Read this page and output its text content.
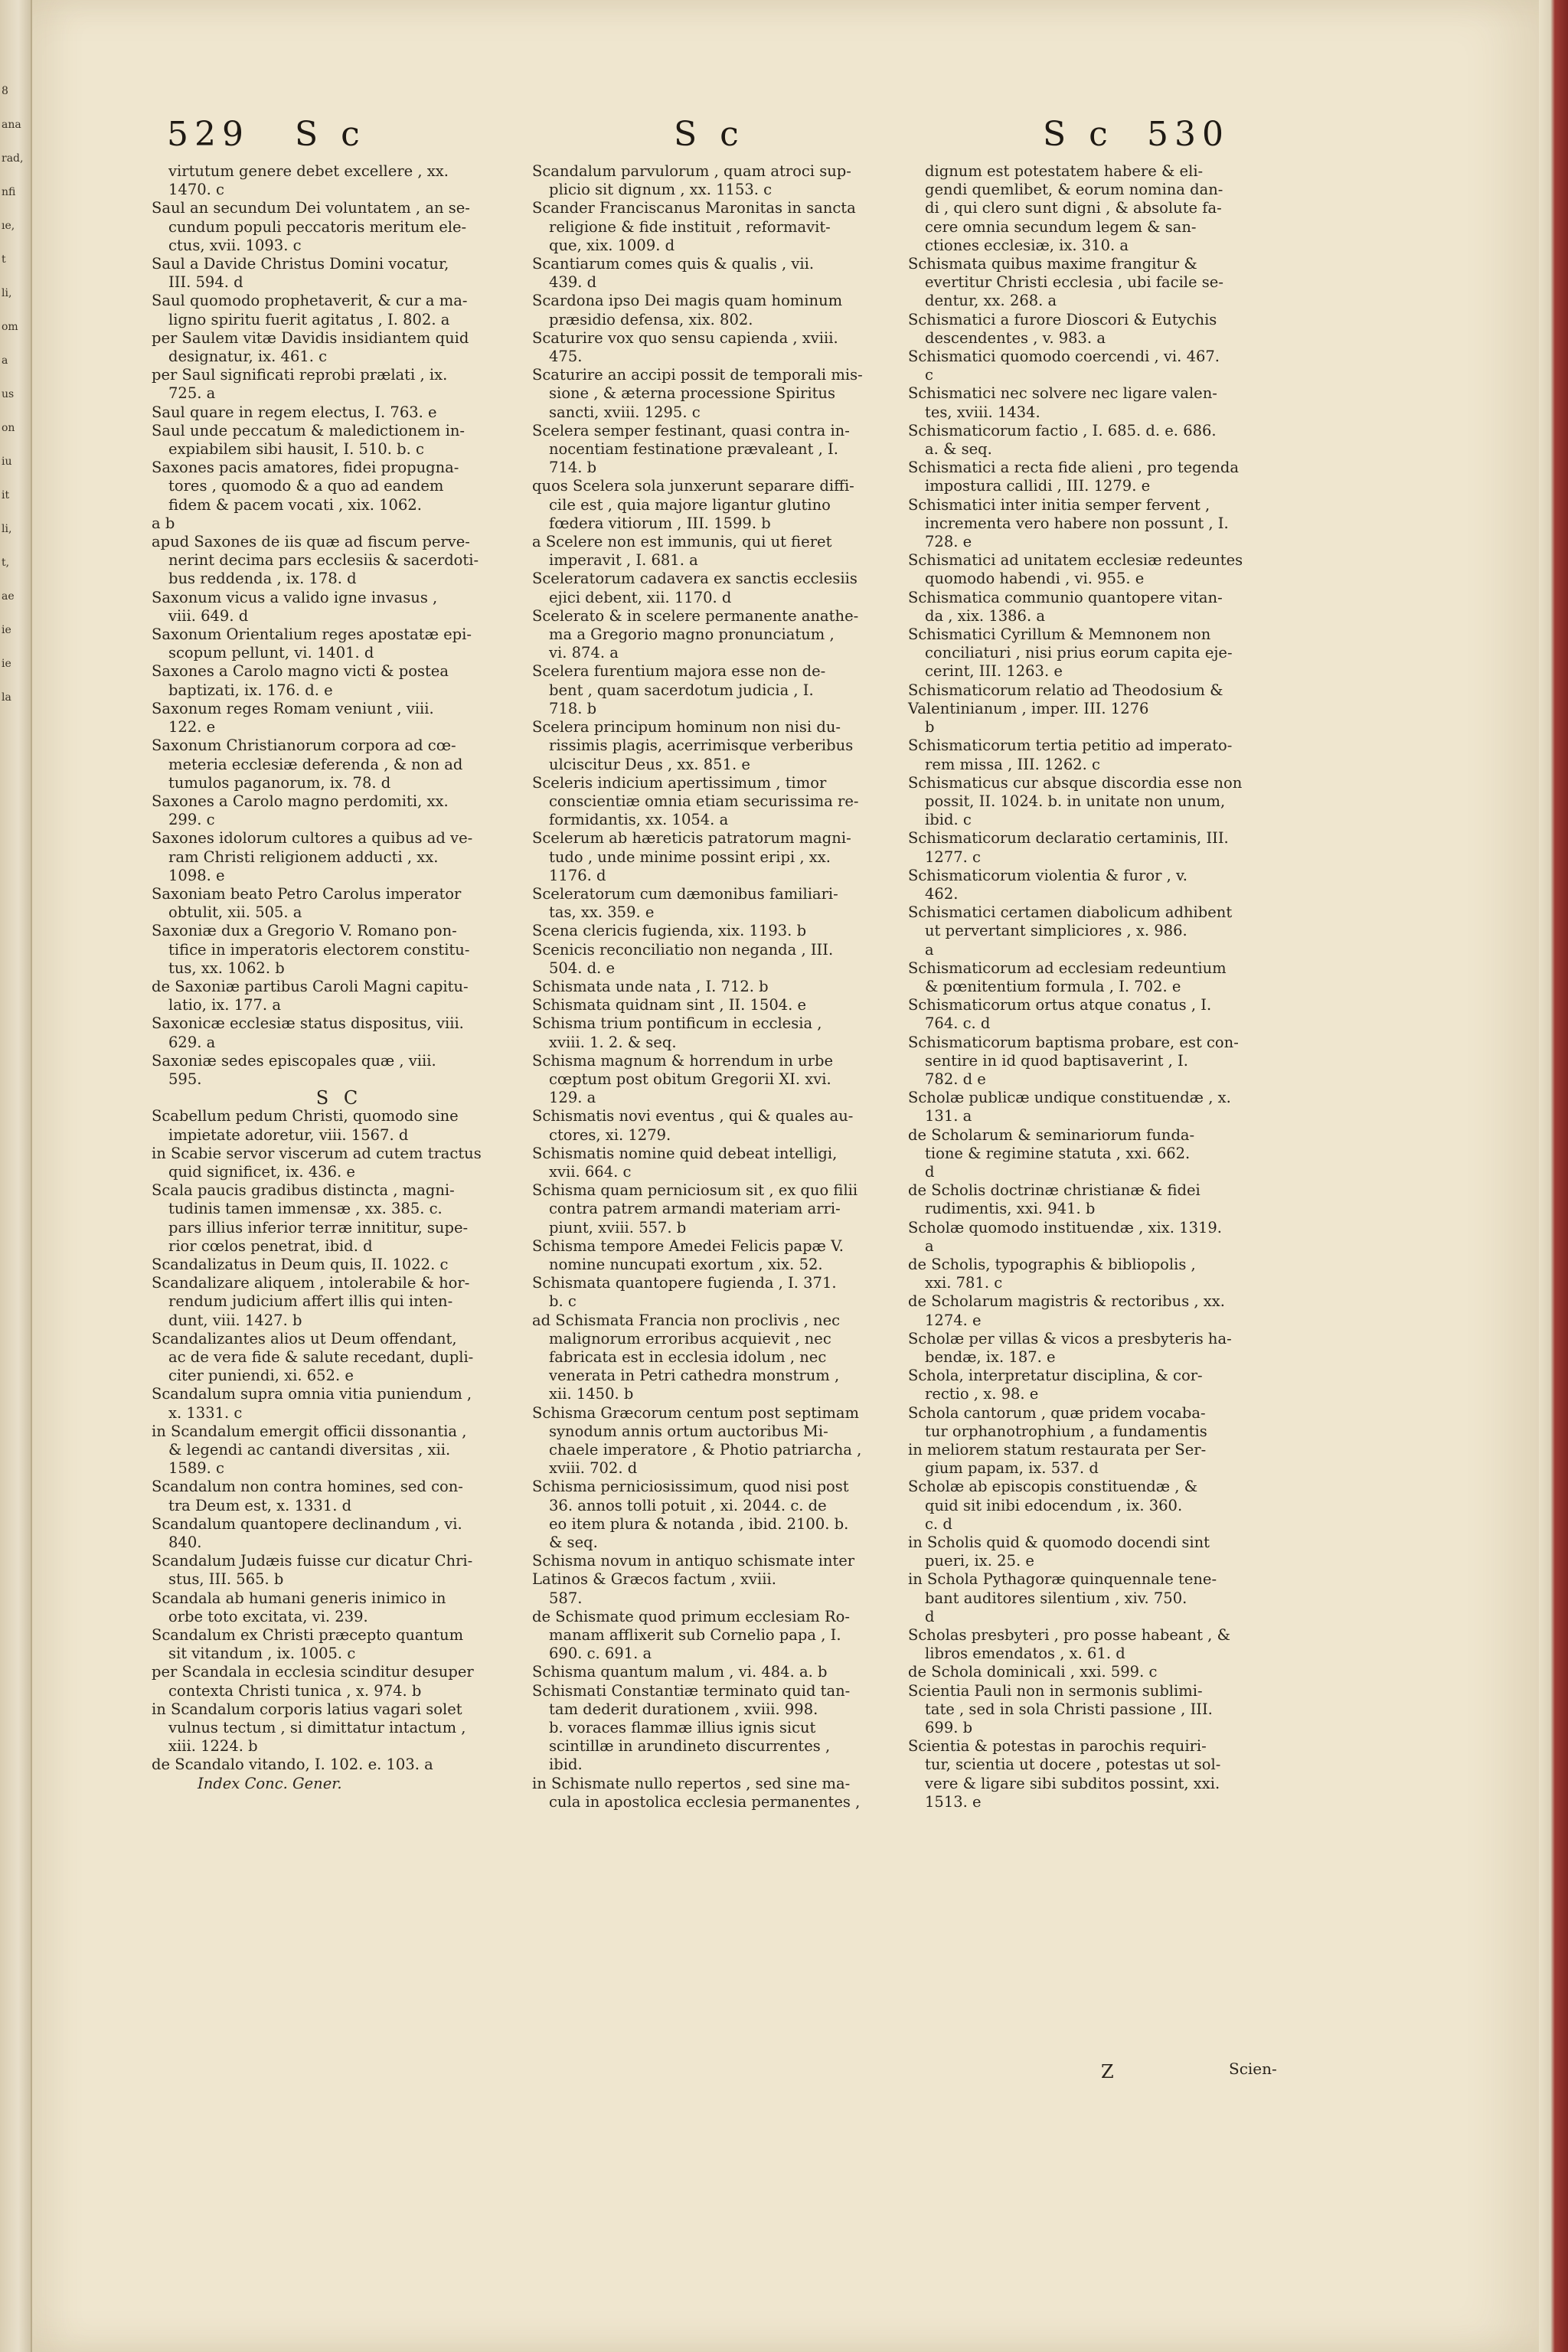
8
ana
rad,
nfi
ıe,
t
li,
om
a
us
on
iu
it
li,
t,
ae
ie
ie
la
529 S c	S c	S c 530
virtutum genere debet excellere , xx.
1470. c
Saul an secundum Dei voluntatem , an se-
cundum populi peccatoris meritum ele-
ctus, xvii. 1093. c
Saul a Davide Christus Domini vocatur,
III. 594. d
Saul quomodo prophetaverit, & cur a ma-
ligno spiritu fuerit agitatus , I. 802. a
per Saulem vitæ Davidis insidiantem quid
designatur, ix. 461. c
per Saul significati reprobi prælati , ix.
725. a
Saul quare in regem electus, I. 763. e
Saul unde peccatum & maledictionem in-
expiabilem sibi hausit, I. 510. b. c
Saxones pacis amatores, fidei propugna-
tores , quomodo & a quo ad eandem
fidem & pacem vocati , xix. 1062.
a b
apud Saxones de iis quæ ad fiscum perve-
nerint decima pars ecclesiis & sacerdoti-
bus reddenda , ix. 178. d
Saxonum vicus a valido igne invasus ,
viii. 649. d
Saxonum Orientalium reges apostatæ epi-
scopum pellunt, vi. 1401. d
Saxones a Carolo magno victi & postea
baptizati, ix. 176. d. e
Saxonum reges Romam veniunt , viii.
122. e
Saxonum Christianorum corpora ad cœ-
meteria ecclesiæ deferenda , & non ad
tumulos paganorum, ix. 78. d
Saxones a Carolo magno perdomiti, xx.
299. c
Saxones idolorum cultores a quibus ad ve-
ram Christi religionem adducti , xx.
1098. e
Saxoniam beato Petro Carolus imperator
obtulit, xii. 505. a
Saxoniæ dux a Gregorio V. Romano pon-
tifice in imperatoris electorem constitu-
tus, xx. 1062. b
de Saxoniæ partibus Caroli Magni capitu-
latio, ix. 177. a
Saxonicæ ecclesiæ status dispositus, viii.
629. a
Saxoniæ sedes episcopales quæ , viii.
595.
S C
Scabellum pedum Christi, quomodo sine
impietate adoretur, viii. 1567. d
in Scabie servor viscerum ad cutem tractus
quid significet, ix. 436. e
Scala paucis gradibus distincta , magni-
tudinis tamen immensæ , xx. 385. c.
pars illius inferior terræ innititur, supe-
rior cœlos penetrat, ibid. d
Scandalizatus in Deum quis, II. 1022. c
Scandalizare aliquem , intolerabile & hor-
rendum judicium affert illis qui inten-
dunt, viii. 1427. b
Scandalizantes alios ut Deum offendant,
ac de vera fide & salute recedant, dupli-
citer puniendi, xi. 652. e
Scandalum supra omnia vitia puniendum ,
x. 1331. c
in Scandalum emergit officii dissonantia ,
& legendi ac cantandi diversitas , xii.
1589. c
Scandalum non contra homines, sed con-
tra Deum est, x. 1331. d
Scandalum quantopere declinandum , vi.
840.
Scandalum Judæis fuisse cur dicatur Chri-
stus, III. 565. b
Scandala ab humani generis inimico in
orbe toto excitata, vi. 239.
Scandalum ex Christi præcepto quantum
sit vitandum , ix. 1005. c
per Scandala in ecclesia scinditur desuper
contexta Christi tunica , x. 974. b
in Scandalum corporis latius vagari solet
vulnus tectum , si dimittatur intactum ,
xiii. 1224. b
de Scandalo vitando, I. 102. e. 103. a
Index Conc. Gener.
Scandalum parvulorum , quam atroci sup-
plicio sit dignum , xx. 1153. c
Scander Franciscanus Maronitas in sancta
religione & fide instituit , reformavit-
que, xix. 1009. d
Scantiarum comes quis & qualis , vii.
439. d
Scardona ipso Dei magis quam hominum
præsidio defensa, xix. 802.
Scaturire vox quo sensu capienda , xviii.
475.
Scaturire an accipi possit de temporali mis-
sione , & æterna processione Spiritus
sancti, xviii. 1295. c
Scelera semper festinant, quasi contra in-
nocentiam festinatione prævaleant , I.
714. b
quos Scelera sola junxerunt separare diffi-
cile est , quia majore ligantur glutino
fœdera vitiorum , III. 1599. b
a Scelere non est immunis, qui ut fieret
imperavit , I. 681. a
Sceleratorum cadavera ex sanctis ecclesiis
ejici debent, xii. 1170. d
Scelerato & in scelere permanente anathe-
ma a Gregorio magno pronunciatum ,
vi. 874. a
Scelera furentium majora esse non de-
bent , quam sacerdotum judicia , I.
718. b
Scelera principum hominum non nisi du-
rissimis plagis, acerrimisque verberibus
ulciscitur Deus , xx. 851. e
Sceleris indicium apertissimum , timor
conscientiæ omnia etiam securissima re-
formidantis, xx. 1054. a
Scelerum ab hæreticis patratorum magni-
tudo , unde minime possint eripi , xx.
1176. d
Sceleratorum cum dæmonibus familiari-
tas, xx. 359. e
Scena clericis fugienda, xix. 1193. b
Scenicis reconciliatio non neganda , III.
504. d. e
Schismata unde nata , I. 712. b
Schismata quidnam sint , II. 1504. e
Schisma trium pontificum in ecclesia ,
xviii. 1. 2. & seq.
Schisma magnum & horrendum in urbe
cœptum post obitum Gregorii XI. xvi.
129. a
Schismatis novi eventus , qui & quales au-
ctores, xi. 1279.
Schismatis nomine quid debeat intelligi,
xvii. 664. c
Schisma quam perniciosum sit , ex quo filii
contra patrem armandi materiam arri-
piunt, xviii. 557. b
Schisma tempore Amedei Felicis papæ V.
nomine nuncupati exortum , xix. 52.
Schismata quantopere fugienda , I. 371.
b. c
ad Schismata Francia non proclivis , nec
malignorum erroribus acquievit , nec
fabricata est in ecclesia idolum , nec
venerata in Petri cathedra monstrum ,
xii. 1450. b
Schisma Græcorum centum post septimam
synodum annis ortum auctoribus Mi-
chaele imperatore , & Photio patriarcha ,
xviii. 702. d
Schisma perniciosissimum, quod nisi post
36. annos tolli potuit , xi. 2044. c. de
eo item plura & notanda , ibid. 2100. b.
& seq.
Schisma novum in antiquo schismate inter
Latinos & Græcos factum , xviii.
587.
de Schismate quod primum ecclesiam Ro-
manam afflixerit sub Cornelio papa , I.
690. c. 691. a
Schisma quantum malum , vi. 484. a. b
Schismati Constantiæ terminato quid tan-
tam dederit durationem , xviii. 998.
b. voraces flammæ illius ignis sicut
scintillæ in arundineto discurrentes ,
ibid.
in Schismate nullo repertos , sed sine ma-
cula in apostolica ecclesia permanentes ,
dignum est potestatem habere & eli-
gendi quemlibet, & eorum nomina dan-
di , qui clero sunt digni , & absolute fa-
cere omnia secundum legem & san-
ctiones ecclesiæ, ix. 310. a
Schismata quibus maxime frangitur &
evertitur Christi ecclesia , ubi facile se-
dentur, xx. 268. a
Schismatici a furore Dioscori & Eutychis
descendentes , v. 983. a
Schismatici quomodo coercendi , vi. 467.
c
Schismatici nec solvere nec ligare valen-
tes, xviii. 1434.
Schismaticorum factio , I. 685. d. e. 686.
a. & seq.
Schismatici a recta fide alieni , pro tegenda
impostura callidi , III. 1279. e
Schismatici inter initia semper fervent ,
incrementa vero habere non possunt , I.
728. e
Schismatici ad unitatem ecclesiæ redeuntes
quomodo habendi , vi. 955. e
Schismatica communio quantopere vitan-
da , xix. 1386. a
Schismatici Cyrillum & Memnonem non
conciliaturi , nisi prius eorum capita eje-
cerint, III. 1263. e
Schismaticorum relatio ad Theodosium &
Valentinianum , imper. III. 1276
b
Schismaticorum tertia petitio ad imperato-
rem missa , III. 1262. c
Schismaticus cur absque discordia esse non
possit, II. 1024. b. in unitate non unum,
ibid. c
Schismaticorum declaratio certaminis, III.
1277. c
Schismaticorum violentia & furor , v.
462.
Schismatici certamen diabolicum adhibent
ut pervertant simpliciores , x. 986.
a
Schismaticorum ad ecclesiam redeuntium
& pœnitentium formula , I. 702. e
Schismaticorum ortus atque conatus , I.
764. c. d
Schismaticorum baptisma probare, est con-
sentire in id quod baptisaverint , I.
782. d e
Scholæ publicæ undique constituendæ , x.
131. a
de Scholarum & seminariorum funda-
tione & regimine statuta , xxi. 662.
d
de Scholis doctrinæ christianæ & fidei
rudimentis, xxi. 941. b
Scholæ quomodo instituendæ , xix. 1319.
a
de Scholis, typographis & bibliopolis ,
xxi. 781. c
de Scholarum magistris & rectoribus , xx.
1274. e
Scholæ per villas & vicos a presbyteris ha-
bendæ, ix. 187. e
Schola, interpretatur disciplina, & cor-
rectio , x. 98. e
Schola cantorum , quæ pridem vocaba-
tur orphanotrophium , a fundamentis
in meliorem statum restaurata per Ser-
gium papam, ix. 537. d
Scholæ ab episcopis constituendæ , &
quid sit inibi edocendum , ix. 360.
c. d
in Scholis quid & quomodo docendi sint
pueri, ix. 25. e
in Schola Pythagoræ quinquennale tene-
bant auditores silentium , xiv. 750.
d
Scholas presbyteri , pro posse habeant , &
libros emendatos , x. 61. d
de Schola dominicali , xxi. 599. c
Scientia Pauli non in sermonis sublimi-
tate , sed in sola Christi passione , III.
699. b
Scientia & potestas in parochis requiri-
tur, scientia ut docere , potestas ut sol-
vere & ligare sibi subditos possint, xxi.
1513. e
Z	Scien-
